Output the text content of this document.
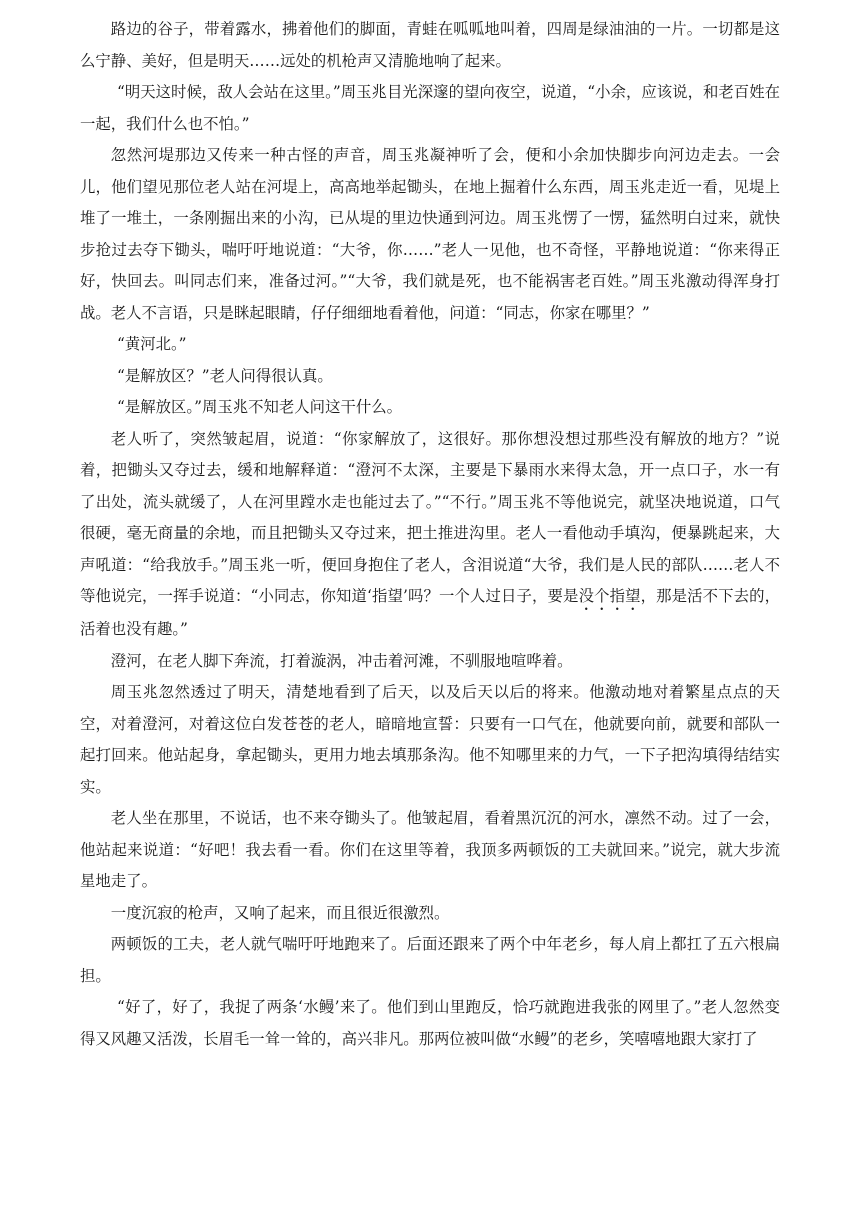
路边的谷子，带着露水，拂着他们的脚面，青蛙在呱呱地叫着，四周是绿油油的一片。一切都是这么宁静、美好，但是明天……远处的机枪声又清脆地响了起来。

“明天这时候，敌人会站在这里。”周玉兆目光深邃的望向夜空，说道，“小余，应该说，和老百姓在一起，我们什么也不怕。”

忽然河堤那边又传来一种古怪的声音，周玉兆凝神听了会，便和小余加快脚步向河边走去。一会儿，他们望见那位老人站在河堤上，高高地举起锄头，在地上掘着什么东西，周玉兆走近一看，见堤上堆了一堆土，一条刚掘出来的小沟，已从堤的里边快通到河边。周玉兆愣了一愣，猛然明白过来，就快步抢过去夺下锄头，喘吁吁地说道：“大爷，你……”老人一见他，也不奇怪，平静地说道：“你来得正好，快回去。叫同志们来，准备过河。”“大爷，我们就是死，也不能祸害老百姓。”周玉兆激动得浑身打战。老人不言语，只是眯起眼睛，仔仔细细地看着他，问道：“同志，你家在哪里？”

“黄河北。”

“是解放区？”老人问得很认真。

“是解放区。”周玉兆不知老人问这干什么。

老人听了，突然皱起眉，说道：“你家解放了，这很好。那你想没想过那些没有解放的地方？”说着，把锄头又夺过去，缓和地解释道：“澄河不太深，主要是下暴雨水来得太急，开一点口子，水一有了出处，流头就缓了，人在河里蹚水走也能过去了。”“不行。”周玉兆不等他说完，就坚决地说道，口气很硬，毫无商量的余地，而且把锄头又夺过来，把土推进沟里。老人一看他动手填沟，便暴跳起来，大声吼道：“给我放手。”周玉兆一听，便回身抱住了老人，含泪说道“大爷，我们是人民的部队……老人不等他说完，一挥手说道：“小同志，你知道‘指望’吗？一个人过日子，要是没个指望，那是活不下去的，活着也没有趣。”

澄河，在老人脚下奔流，打着漩涡，冲击着河滩，不驯服地喧哗着。

周玉兆忽然透过了明天，清楚地看到了后天，以及后天以后的将来。他激动地对着繁星点点的天空，对着澄河，对着这位白发苍苍的老人，暗暗地宣誓：只要有一口气在，他就要向前，就要和部队一起打回来。他站起身，拿起锄头，更用力地去填那条沟。他不知哪里来的力气，一下子把沟填得结结实实。

老人坐在那里，不说话，也不来夺锄头了。他皱起眉，看着黑沉沉的河水，凛然不动。过了一会，他站起来说道：“好吧！我去看一看。你们在这里等着，我顶多两顿饭的工夫就回来。”说完，就大步流星地走了。

一度沉寂的枪声，又响了起来，而且很近很激烈。

两顿饭的工夫，老人就气喘吁吁地跑来了。后面还跟来了两个中年老乡，每人肩上都扛了五六根扁担。

“好了，好了，我捉了两条‘水鳗’来了。他们到山里跑反，恰巧就跑进我张的网里了。”老人忽然变得又风趣又活泼，长眉毛一耸一耸的，高兴非凡。那两位被叫做“水鳗”的老乡，笑嘻嘻地跟大家打了
